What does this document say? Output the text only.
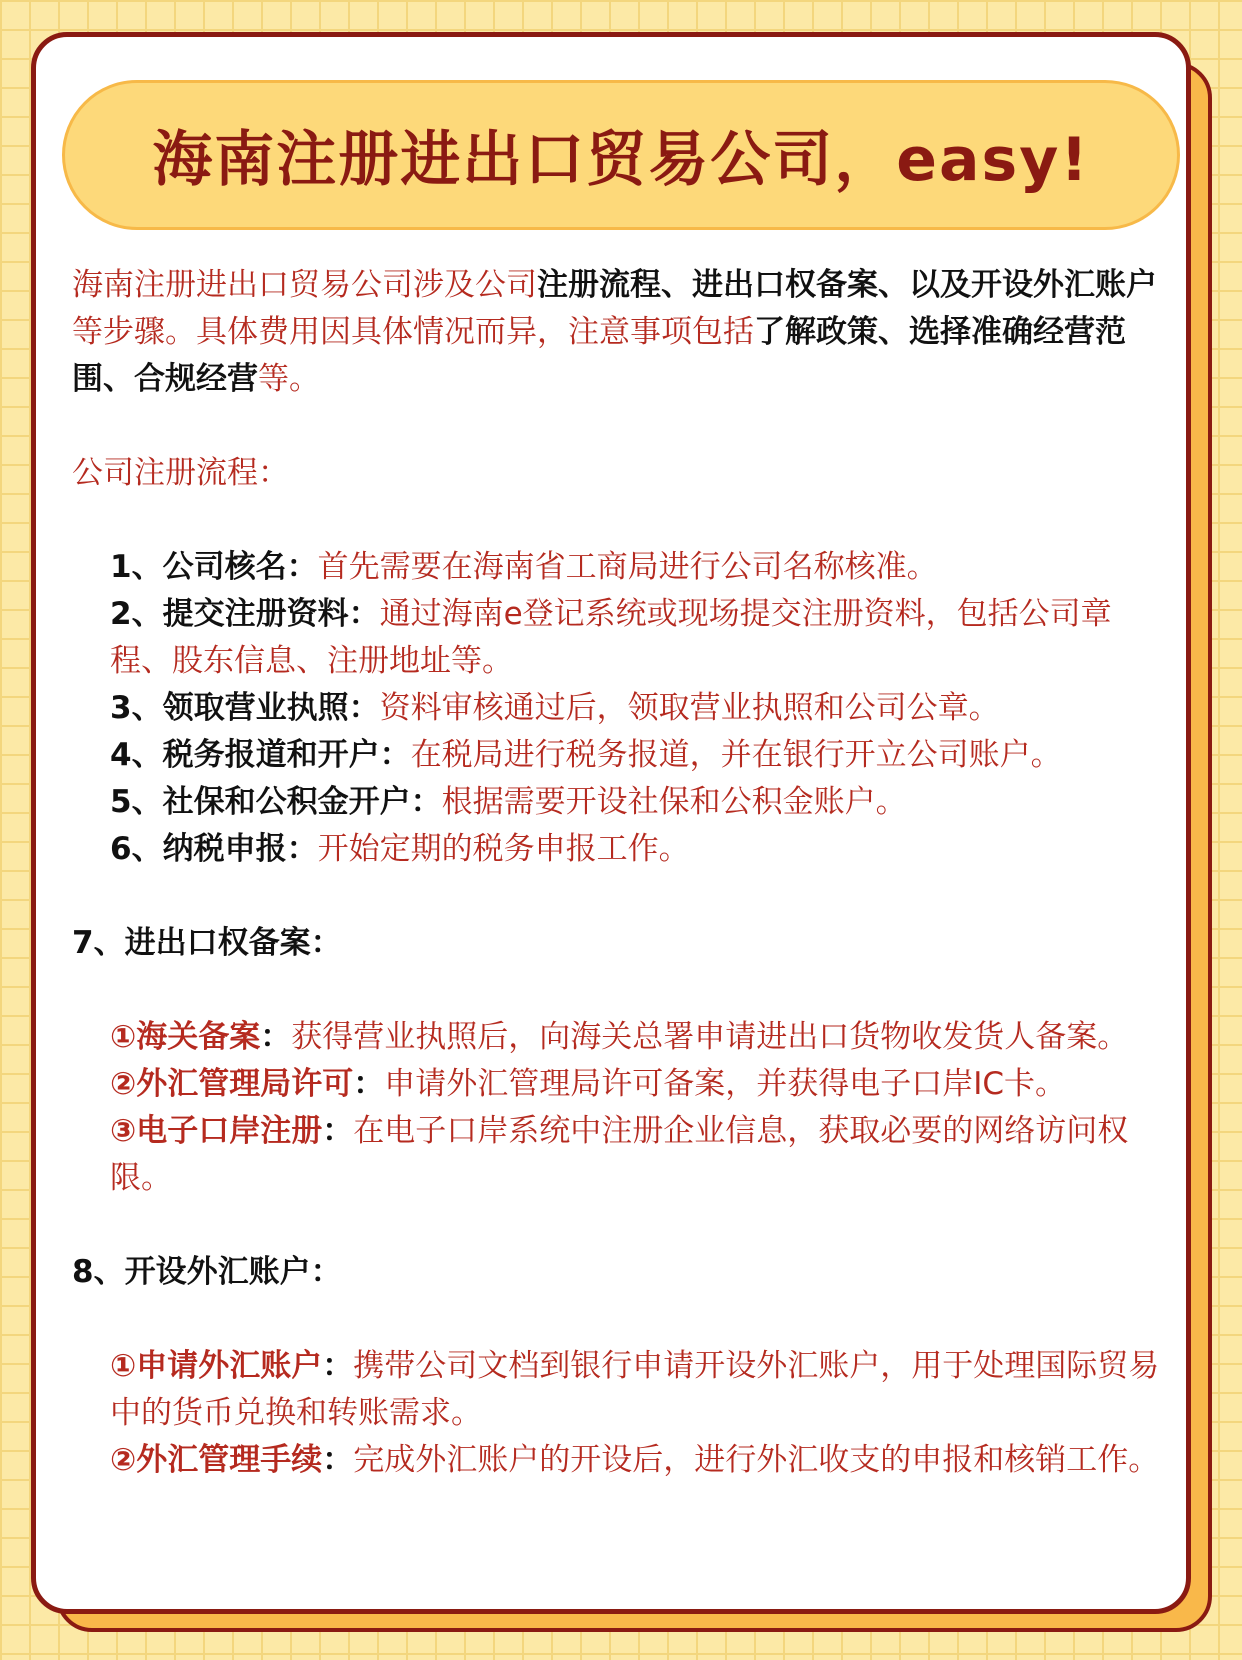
海南注册进出口贸易公司，easy!

海南注册进出口贸易公司涉及公司注册流程、进出口权备案、以及开设外汇账户等步骤。具体费用因具体情况而异，注意事项包括了解政策、选择准确经营范围、合规经营等。

公司注册流程：

1、公司核名：首先需要在海南省工商局进行公司名称核准。

2、提交注册资料：通过海南e登记系统或现场提交注册资料，包括公司章程、股东信息、注册地址等。

3、领取营业执照：资料审核通过后，领取营业执照和公司公章。

4、税务报道和开户：在税局进行税务报道，并在银行开立公司账户。

5、社保和公积金开户：根据需要开设社保和公积金账户。

6、纳税申报：开始定期的税务申报工作。

7、进出口权备案：

①海关备案：获得营业执照后，向海关总署申请进出口货物收发货人备案。

②外汇管理局许可：申请外汇管理局许可备案，并获得电子口岸IC卡。

③电子口岸注册：在电子口岸系统中注册企业信息，获取必要的网络访问权限。

8、开设外汇账户：

①申请外汇账户：携带公司文档到银行申请开设外汇账户，用于处理国际贸易中的货币兑换和转账需求。

②外汇管理手续：完成外汇账户的开设后，进行外汇收支的申报和核销工作。
